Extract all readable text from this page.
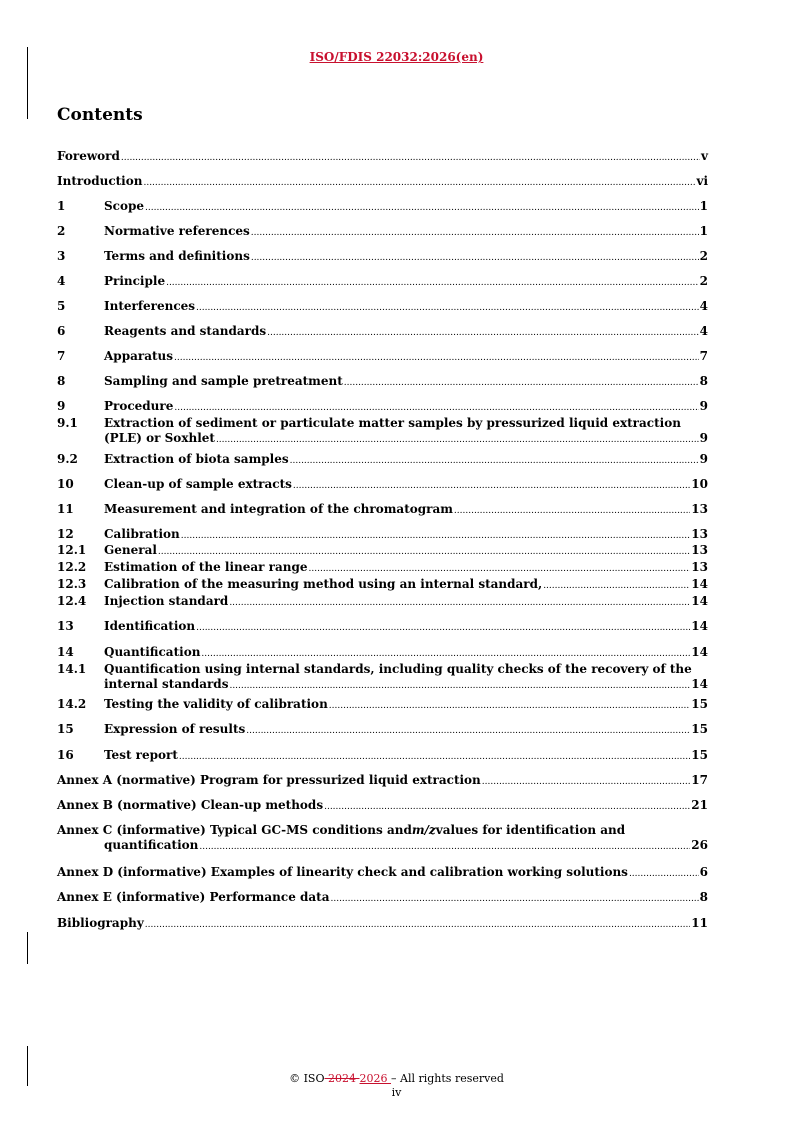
ISO/FDIS 22032:2026(en)
Contents
Foreword .....	v
Introduction .....	vi
1	Scope .....	1
2	Normative references .....	1
3	Terms and definitions .....	2
4	Principle .....	2
5	Interferences .....	4
6	Reagents and standards .....	4
7	Apparatus .....	7
8	Sampling and sample pretreatment .....	8
9	Procedure .....	9
9.1	Extraction of sediment or particulate matter samples by pressurized liquid extraction
(PLE) or Soxhlet .....	9
9.2	Extraction of biota samples .....	9
10	Clean-up of sample extracts .....	10
11	Measurement and integration of the chromatogram .....	13
12	Calibration .....	13
12.1	General .....	13
12.2	Estimation of the linear range .....	13
12.3	Calibration of the measuring method using an internal standard, .....	14
12.4	Injection standard .....	14
13	Identification .....	14
14	Quantification .....	14
14.1	Quantification using internal standards, including quality checks of the recovery of the
internal standards .....	14
14.2	Testing the validity of calibration .....	15
15	Expression of results .....	15
16	Test report .....	15
Annex A (normative) Program for pressurized liquid extraction .....	17
Annex B (normative) Clean-up methods .....	21
Annex C (informative) Typical GC-MS conditions and m/z values for identification and
quantification .....	26
Annex D (informative) Examples of linearity check and calibration working solutions .....	6
Annex E (informative) Performance data .....	8
Bibliography .....	11
© ISO 2024 2026 – All rights reserved
iv
